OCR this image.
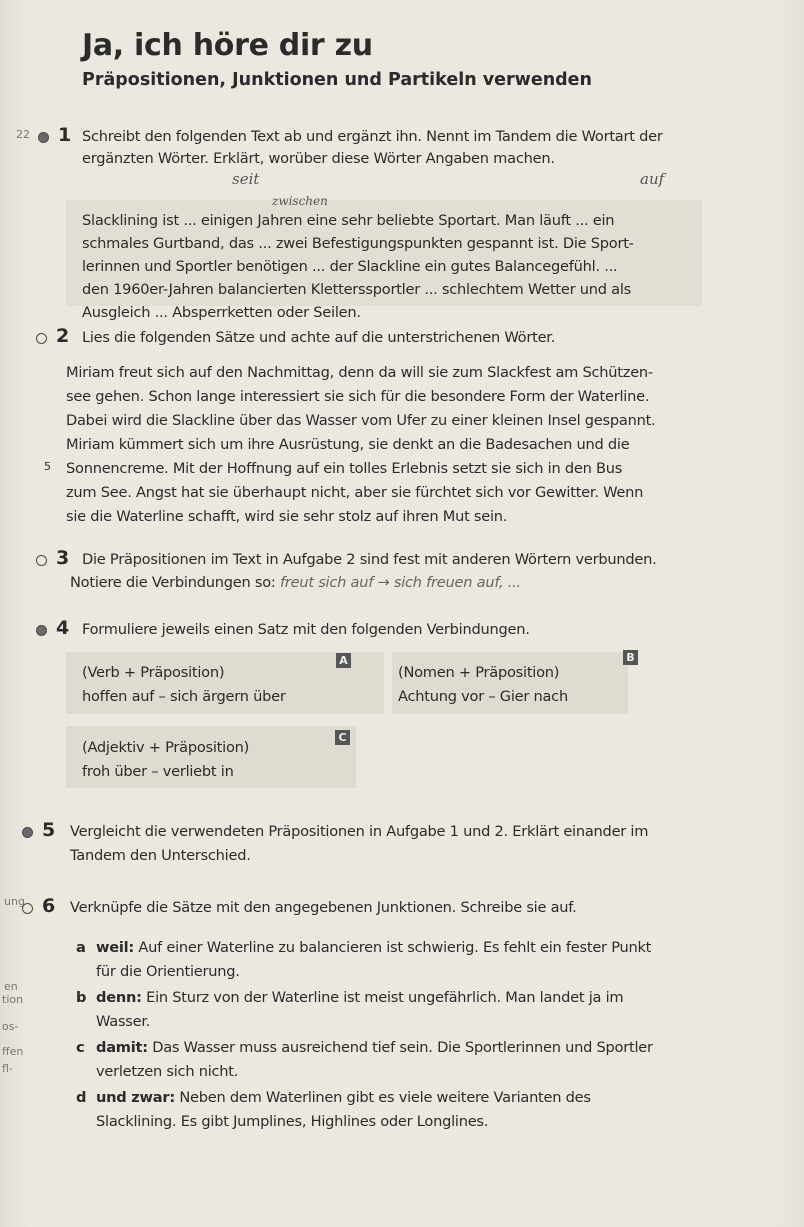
Ja, ich höre dir zu
Präpositionen, Junktionen und Partikeln verwenden
22
ung
en
tion
os-
ffen
fl-
1 Schreibt den folgenden Text ab und ergänzt ihn. Nennt im Tandem die Wortart der
ergänzten Wörter. Erklärt, worüber diese Wörter Angaben machen.
seit	auf
zwischen
Slacklining ist ... einigen Jahren eine sehr beliebte Sportart. Man läuft ... ein
schmales Gurtband, das ... zwei Befestigungspunkten gespannt ist. Die Sport-
lerinnen und Sportler benötigen ... der Slackline ein gutes Balancegefühl. ...
den 1960er-Jahren balancierten Kletterssportler ... schlechtem Wetter und als
Ausgleich ... Absperrketten oder Seilen.
2 Lies die folgenden Sätze und achte auf die unterstrichenen Wörter.
Miriam freut sich auf den Nachmittag, denn da will sie zum Slackfest am Schützen-
see gehen. Schon lange interessiert sie sich für die besondere Form der Waterline.
Dabei wird die Slackline über das Wasser vom Ufer zu einer kleinen Insel gespannt.
Miriam kümmert sich um ihre Ausrüstung, sie denkt an die Badesachen und die
5 Sonnencreme. Mit der Hoffnung auf ein tolles Erlebnis setzt sie sich in den Bus
zum See. Angst hat sie überhaupt nicht, aber sie fürchtet sich vor Gewitter. Wenn
sie die Waterline schafft, wird sie sehr stolz auf ihren Mut sein.
3 Die Präpositionen im Text in Aufgabe 2 sind fest mit anderen Wörtern verbunden.
Notiere die Verbindungen so: freut sich auf → sich freuen auf, ...
4 Formuliere jeweils einen Satz mit den folgenden Verbindungen.
A
(Verb + Präposition)
hoffen auf – sich ärgern über
B
(Nomen + Präposition)
Achtung vor – Gier nach
C
(Adjektiv + Präposition)
froh über – verliebt in
5 Vergleicht die verwendeten Präpositionen in Aufgabe 1 und 2. Erklärt einander im
Tandem den Unterschied.
6 Verknüpfe die Sätze mit den angegebenen Junktionen. Schreibe sie auf.
a weil: Auf einer Waterline zu balancieren ist schwierig. Es fehlt ein fester Punkt
für die Orientierung.
b denn: Ein Sturz von der Waterline ist meist ungefährlich. Man landet ja im
Wasser.
c damit: Das Wasser muss ausreichend tief sein. Die Sportlerinnen und Sportler
verletzen sich nicht.
d und zwar: Neben dem Waterlinen gibt es viele weitere Varianten des
Slacklining. Es gibt Jumplines, Highlines oder Longlines.
